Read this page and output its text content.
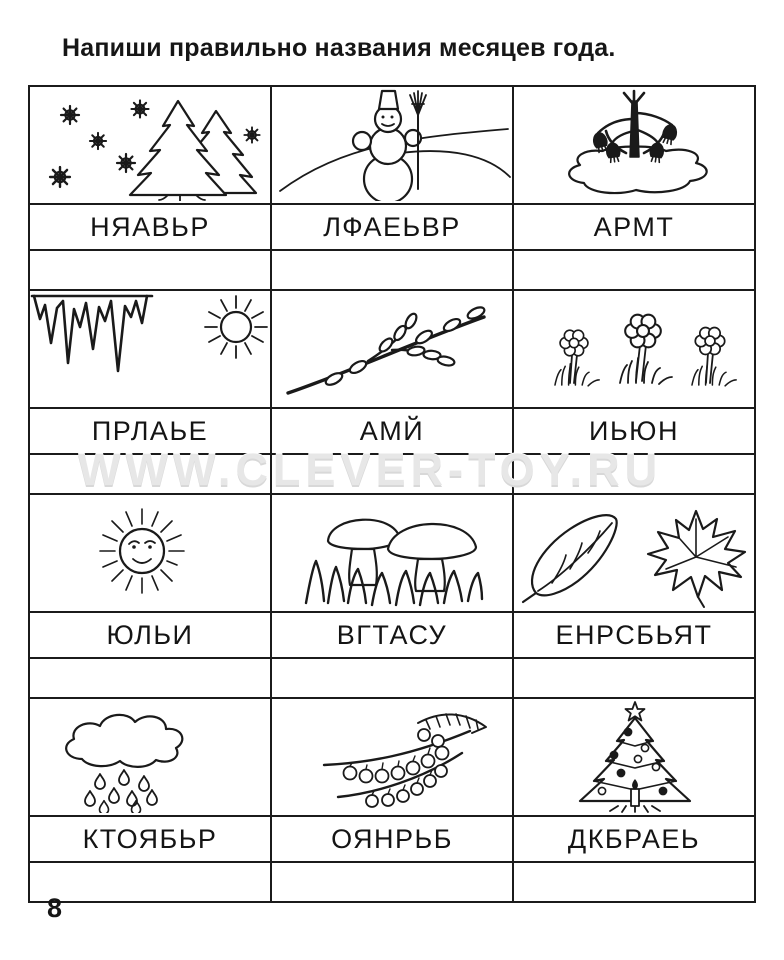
Напиши правильно названия месяцев года.
WWW.CLEVER-TOY.RU

НЯАВЬР	ЛФАЕЬВР	АРМТ

ПРЛАЬЕ	АМЙ	ИЬЮН

ЮЛЬИ	ВГТАСУ	ЕНРСБЬЯТ

КТОЯБЬР	ОЯНРЬБ	ДКБРАЕЬ

8
